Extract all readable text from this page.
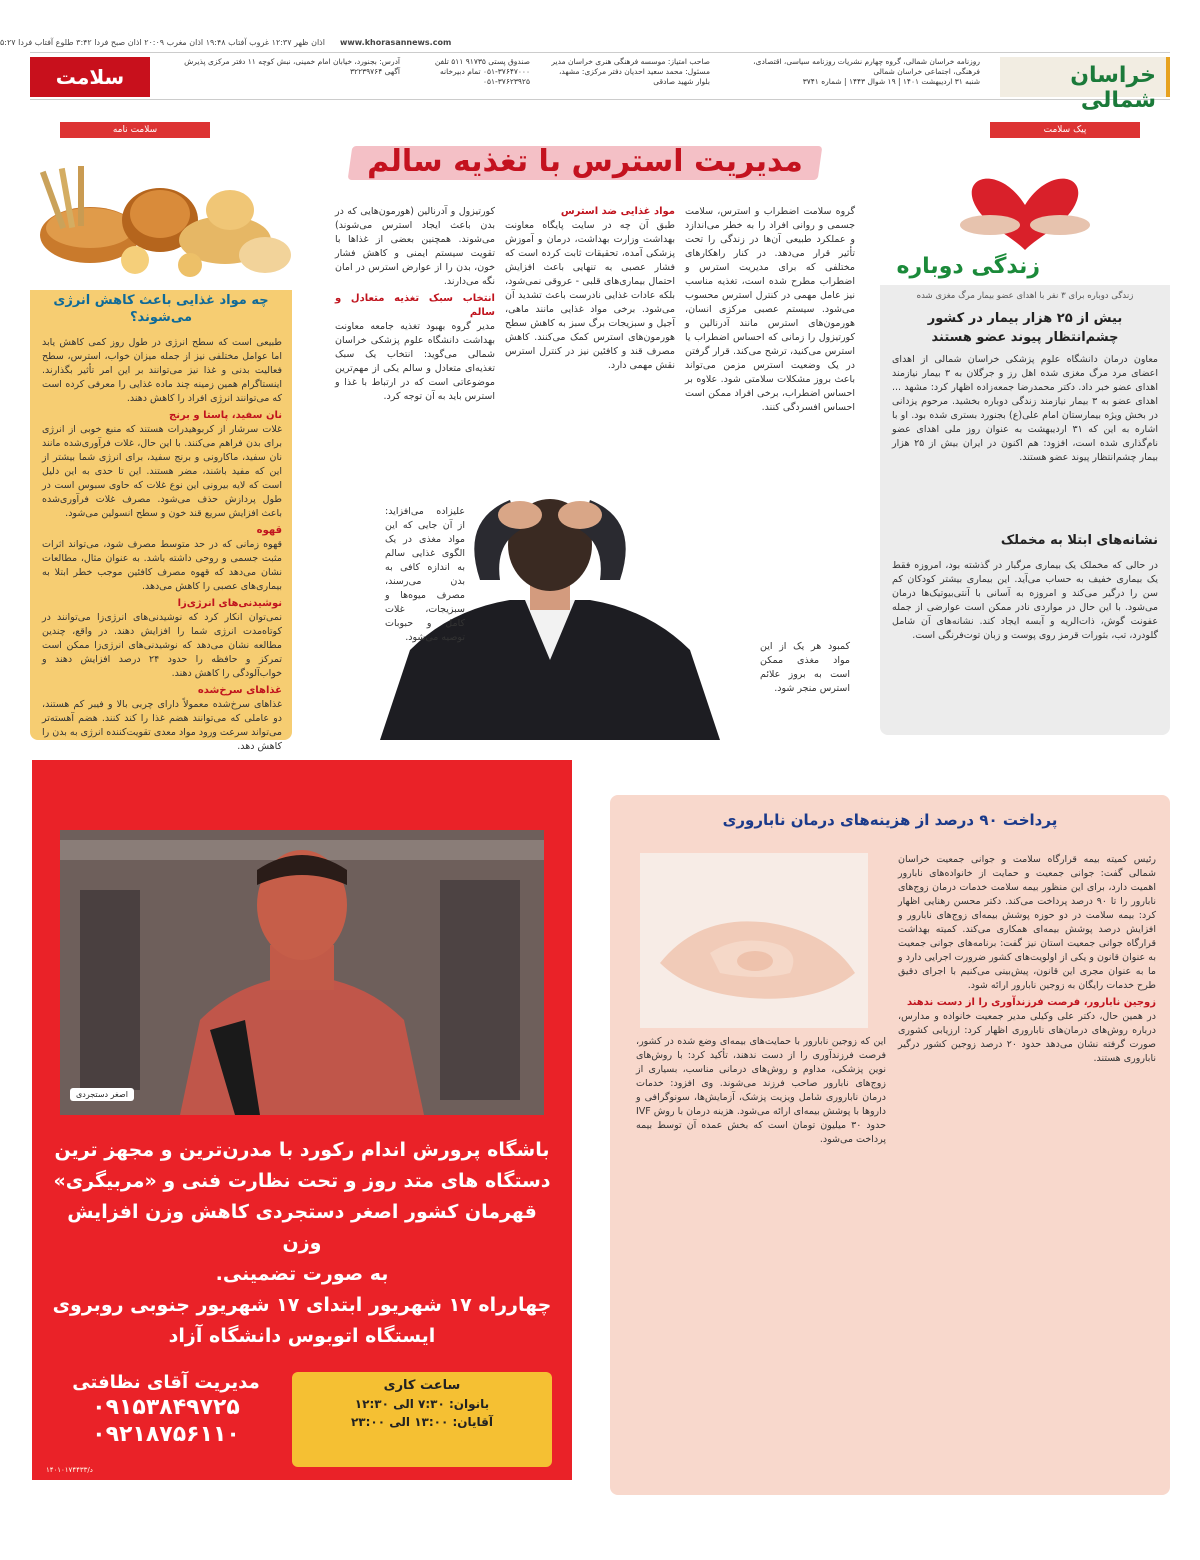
اذان ظهر ۱۲:۳۷ غروب آفتاب ۱۹:۴۸ اذان مغرب ۲۰:۰۹ اذان صبح فردا ۳:۴۲ طلوع آفتاب فردا ۵:۲۷ www.khorasannews.com
خراسان شمالی
روزنامه خراسان شمالی، گروه چهارم نشریات روزنامه سیاسی، اقتصادی، فرهنگی، اجتماعی خراسان شمالی
شنبه ۳۱ اردیبهشت ۱۴۰۱ | ۱۹ شوال ۱۴۴۳ | شماره ۳۷۴۱
صاحب امتیاز: موسسه فرهنگی هنری خراسان مدیر مسئول: محمد سعید احدیان دفتر مرکزی: مشهد، بلوار شهید صادقی
صندوق پستی ۹۱۷۳۵ ۵۱۱ تلفن ۳۷۶۴۷۰۰۰-۰۵۱ تمام دبیرخانه ۳۷۶۲۳۹۲۵-۰۵۱
آدرس: بجنورد، خیابان امام خمینی، نبش کوچه ۱۱ دفتر مرکزی پذیرش آگهی ۳۲۲۳۹۷۶۴
سلامت
سلامت نامه
چه مواد غذایی باعث کاهش انرژی می‌شوند؟

طبیعی است که سطح انرژی در طول روز کمی کاهش یابد اما عوامل مختلفی نیز از جمله میزان خواب، استرس، سطح فعالیت بدنی و غذا نیز می‌توانند بر این امر تأثیر بگذارند. اینستاگرام همین زمینه چند ماده غذایی را معرفی کرده است که می‌توانند انرژی افراد را کاهش دهند.

نان سفید، پاستا و برنج

غلات سرشار از کربوهیدرات هستند که منبع خوبی از انرژی برای بدن فراهم می‌کنند. با این حال، غلات فرآوری‌شده مانند نان سفید، ماکارونی و برنج سفید، برای انرژی شما بیشتر از این که مفید باشند، مضر هستند. این تا حدی به این دلیل است که لایه بیرونی این نوع غلات که حاوی سبوس است در طول پردازش حذف می‌شود. مصرف غلات فرآوری‌شده باعث افزایش سریع قند خون و سطح انسولین می‌شود.

قهوه

قهوه زمانی که در حد متوسط مصرف شود، می‌تواند اثرات مثبت جسمی و روحی داشته باشد. به عنوان مثال، مطالعات نشان می‌دهد که قهوه مصرف کافئین موجب خطر ابتلا به بیماری‌های عصبی را کاهش می‌دهد.

نوشیدنی‌های انرژی‌زا

نمی‌توان انکار کرد که نوشیدنی‌های انرژی‌زا می‌توانند در کوتاه‌مدت انرژی شما را افزایش دهند. در واقع، چندین مطالعه نشان می‌دهد که نوشیدنی‌های انرژی‌زا ممکن است تمرکز و حافظه را حدود ۲۴ درصد افزایش دهند و خواب‌آلودگی را کاهش دهند.

غذاهای سرخ‌شده

غذاهای سرخ‌شده معمولاً دارای چربی بالا و فیبر کم هستند، دو عاملی که می‌توانند هضم غذا را کند کنند. هضم آهسته‌تر می‌تواند سرعت ورود مواد معدی تقویت‌کننده انرژی به بدن را کاهش دهد.

مدیریت استرس با تغذیه سالم
گروه سلامت اضطراب و استرس، سلامت جسمی و روانی افراد را به خطر می‌اندازد و عملکرد طبیعی آن‌ها در زندگی را تحت تأثیر قرار می‌دهد. در کنار راهکارهای مختلفی که برای مدیریت استرس و اضطراب مطرح شده است، تغذیه مناسب نیز عامل مهمی در کنترل استرس محسوب می‌شود. سیستم عصبی مرکزی انسان، هورمون‌های استرس مانند آدرنالین و کورتیزول را زمانی که احساس اضطراب یا استرس می‌کنید، ترشح می‌کند. قرار گرفتن در یک وضعیت استرس مزمن می‌تواند باعث بروز مشکلات سلامتی شود. علاوه بر احساس اضطراب، برخی افراد ممکن است احساس افسردگی کنند.
مواد غذایی ضد استرس

طبق آن چه در سایت پایگاه معاونت بهداشت وزارت بهداشت، درمان و آموزش پزشکی آمده، تحقیقات ثابت کرده است که فشار عصبی به تنهایی باعث افزایش احتمال بیماری‌های قلبی - عروقی نمی‌شود، بلکه عادات غذایی نادرست باعث تشدید آن می‌شود. برخی مواد غذایی مانند ماهی، آجیل و سبزیجات برگ سبز به کاهش سطح هورمون‌های استرس کمک می‌کنند. کاهش مصرف قند و کافئین نیز در کنترل استرس نقش مهمی دارد.

کورتیزول و آدرنالین (هورمون‌هایی که در بدن باعث ایجاد استرس می‌شوند) می‌شوند. همچنین بعضی از غذاها با تقویت سیستم ایمنی و کاهش فشار خون، بدن را از عوارض استرس در امان نگه می‌دارند.

انتخاب سبک تغذیه متعادل و سالم

مدیر گروه بهبود تغذیه جامعه معاونت بهداشت دانشگاه علوم پزشکی خراسان شمالی می‌گوید: انتخاب یک سبک تغذیه‌ای متعادل و سالم یکی از مهم‌ترین موضوعاتی است که در ارتباط با غذا و استرس باید به آن توجه کرد.

علیزاده می‌افزاید: از آن جایی که این مواد مغذی در یک الگوی غذایی سالم به اندازه کافی به بدن می‌رسند، مصرف میوه‌ها و سبزیجات، غلات کامل و حبوبات توصیه می‌شود.
کمبود هر یک از این مواد مغذی ممکن است به بروز علائم استرس منجر شود.
پیک سلامت
زندگی دوباره
زندگی دوباره برای ۳ نفر با اهدای عضو بیمار مرگ مغزی شده
بیش از ۲۵ هزار بیمار در کشور چشم‌انتظار پیوند عضو هستند
معاون درمان دانشگاه علوم پزشکی خراسان شمالی از اهدای اعضای مرد مرگ مغزی شده اهل رز و جرگلان به ۳ بیمار نیازمند اهدای عضو خبر داد. دکتر محمدرضا جمعه‌زاده اظهار کرد: مشهد ... اهدای عضو به ۳ بیمار نیازمند زندگی دوباره بخشید. مرحوم یزدانی در بخش ویژه بیمارستان امام علی(ع) بجنورد بستری شده بود. او با اشاره به این که ۳۱ اردیبهشت به عنوان روز ملی اهدای عضو نام‌گذاری شده است، افزود: هم اکنون در ایران بیش از ۲۵ هزار بیمار چشم‌انتظار پیوند عضو هستند.
نشانه‌های ابتلا به مخملک
در حالی که مخملک یک بیماری مرگبار در گذشته بود، امروزه فقط یک بیماری خفیف به حساب می‌آید. این بیماری بیشتر کودکان کم سن را درگیر می‌کند و امروزه به آسانی با آنتی‌بیوتیک‌ها درمان می‌شود. با این حال در مواردی نادر ممکن است عوارضی از جمله عفونت گوش، ذات‌الریه و آبسه ایجاد کند. نشانه‌های آن شامل گلودرد، تب، بثورات قرمز روی پوست و زبان توت‌فرنگی است.
اصغر دستجردی
باشگاه پرورش اندام رکورد با مدرن‌ترین و مجهز ترین
دستگاه های متد روز و تحت نظارت فنی و «مربیگری»
قهرمان کشور اصغر دستجردی کاهش وزن افزایش وزن
به صورت تضمینی.
چهارراه ۱۷ شهریور ابتدای ۱۷ شهریور جنوبی روبروی
ایستگاه اتوبوس دانشگاه آزاد
ساعت کاری
بانوان: ۷:۳۰ الی ۱۲:۳۰
آقایان: ۱۳:۰۰ الی ۲۳:۰۰
مدیریت آقای نظافتی
۰۹۱۵۳۸۴۹۷۲۵
۰۹۲۱۸۷۵۶۱۱۰
۱۴۰۱۰۱۷۴۴۳۳/د
پرداخت ۹۰ درصد از هزینه‌های درمان ناباروری

رئیس کمیته بیمه قرارگاه سلامت و جوانی جمعیت خراسان شمالی گفت: جوانی جمعیت و حمایت از خانواده‌های نابارور اهمیت دارد، برای این منظور بیمه سلامت خدمات درمان زوج‌های نابارور را تا ۹۰ درصد پرداخت می‌کند. دکتر محسن رهنایی اظهار کرد: بیمه سلامت در دو حوزه پوشش بیمه‌ای زوج‌های نابارور و افزایش درصد پوشش بیمه‌ای همکاری می‌کند. کمیته بهداشت قرارگاه جوانی جمعیت استان نیز گفت: برنامه‌های جوانی جمعیت به عنوان قانون و یکی از اولویت‌های کشور ضرورت اجرایی دارد و ما به عنوان مجری این قانون، پیش‌بینی می‌کنیم با اجرای دقیق طرح خدمات رایگان به زوجین نابارور ارائه شود.

زوجین نابارور، فرصت فرزندآوری را از دست ندهند

در همین حال، دکتر علی وکیلی مدیر جمعیت خانواده و مدارس، درباره روش‌های درمان‌های ناباروری اظهار کرد: ارزیابی کشوری صورت گرفته نشان می‌دهد حدود ۲۰ درصد زوجین کشور درگیر ناباروری هستند.

این که زوجین نابارور با حمایت‌های بیمه‌ای وضع شده در کشور، فرصت فرزندآوری را از دست ندهند، تأکید کرد: با روش‌های نوین پزشکی، مداوم و روش‌های درمانی مناسب، بسیاری از زوج‌های نابارور صاحب فرزند می‌شوند. وی افزود: خدمات درمان ناباروری شامل ویزیت پزشک، آزمایش‌ها، سونوگرافی و داروها با پوشش بیمه‌ای ارائه می‌شود. هزینه درمان با روش IVF حدود ۳۰ میلیون تومان است که بخش عمده آن توسط بیمه پرداخت می‌شود.
